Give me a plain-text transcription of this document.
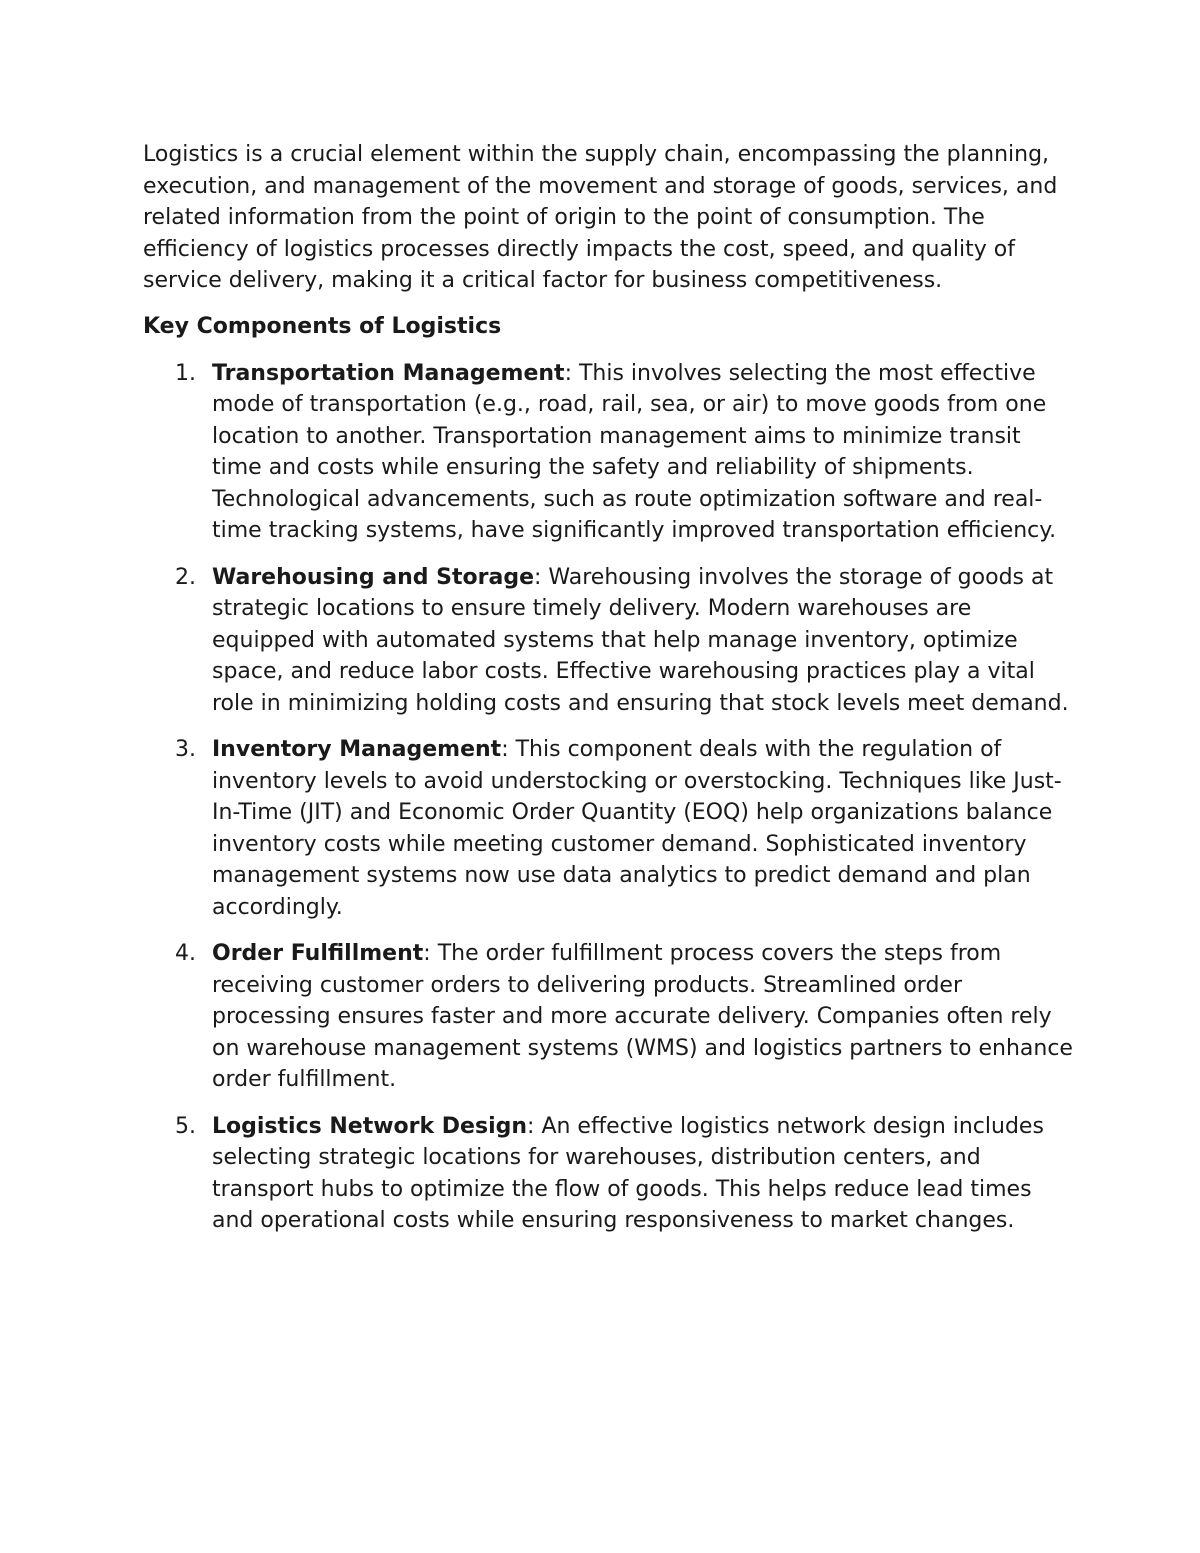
Logistics is a crucial element within the supply chain, encompassing the planning, execution, and management of the movement and storage of goods, services, and related information from the point of origin to the point of consumption. The efficiency of logistics processes directly impacts the cost, speed, and quality of service delivery, making it a critical factor for business competitiveness.

Key Components of Logistics
1. Transportation Management: This involves selecting the most effective mode of transportation (e.g., road, rail, sea, or air) to move goods from one location to another. Transportation management aims to minimize transit time and costs while ensuring the safety and reliability of shipments. Technological advancements, such as route optimization software and real-time tracking systems, have significantly improved transportation efficiency.
2. Warehousing and Storage: Warehousing involves the storage of goods at strategic locations to ensure timely delivery. Modern warehouses are equipped with automated systems that help manage inventory, optimize space, and reduce labor costs. Effective warehousing practices play a vital role in minimizing holding costs and ensuring that stock levels meet demand.
3. Inventory Management: This component deals with the regulation of inventory levels to avoid understocking or overstocking. Techniques like Just-In-Time (JIT) and Economic Order Quantity (EOQ) help organizations balance inventory costs while meeting customer demand. Sophisticated inventory management systems now use data analytics to predict demand and plan accordingly.
4. Order Fulfillment: The order fulfillment process covers the steps from receiving customer orders to delivering products. Streamlined order processing ensures faster and more accurate delivery. Companies often rely on warehouse management systems (WMS) and logistics partners to enhance order fulfillment.
5. Logistics Network Design: An effective logistics network design includes selecting strategic locations for warehouses, distribution centers, and transport hubs to optimize the flow of goods. This helps reduce lead times and operational costs while ensuring responsiveness to market changes.
